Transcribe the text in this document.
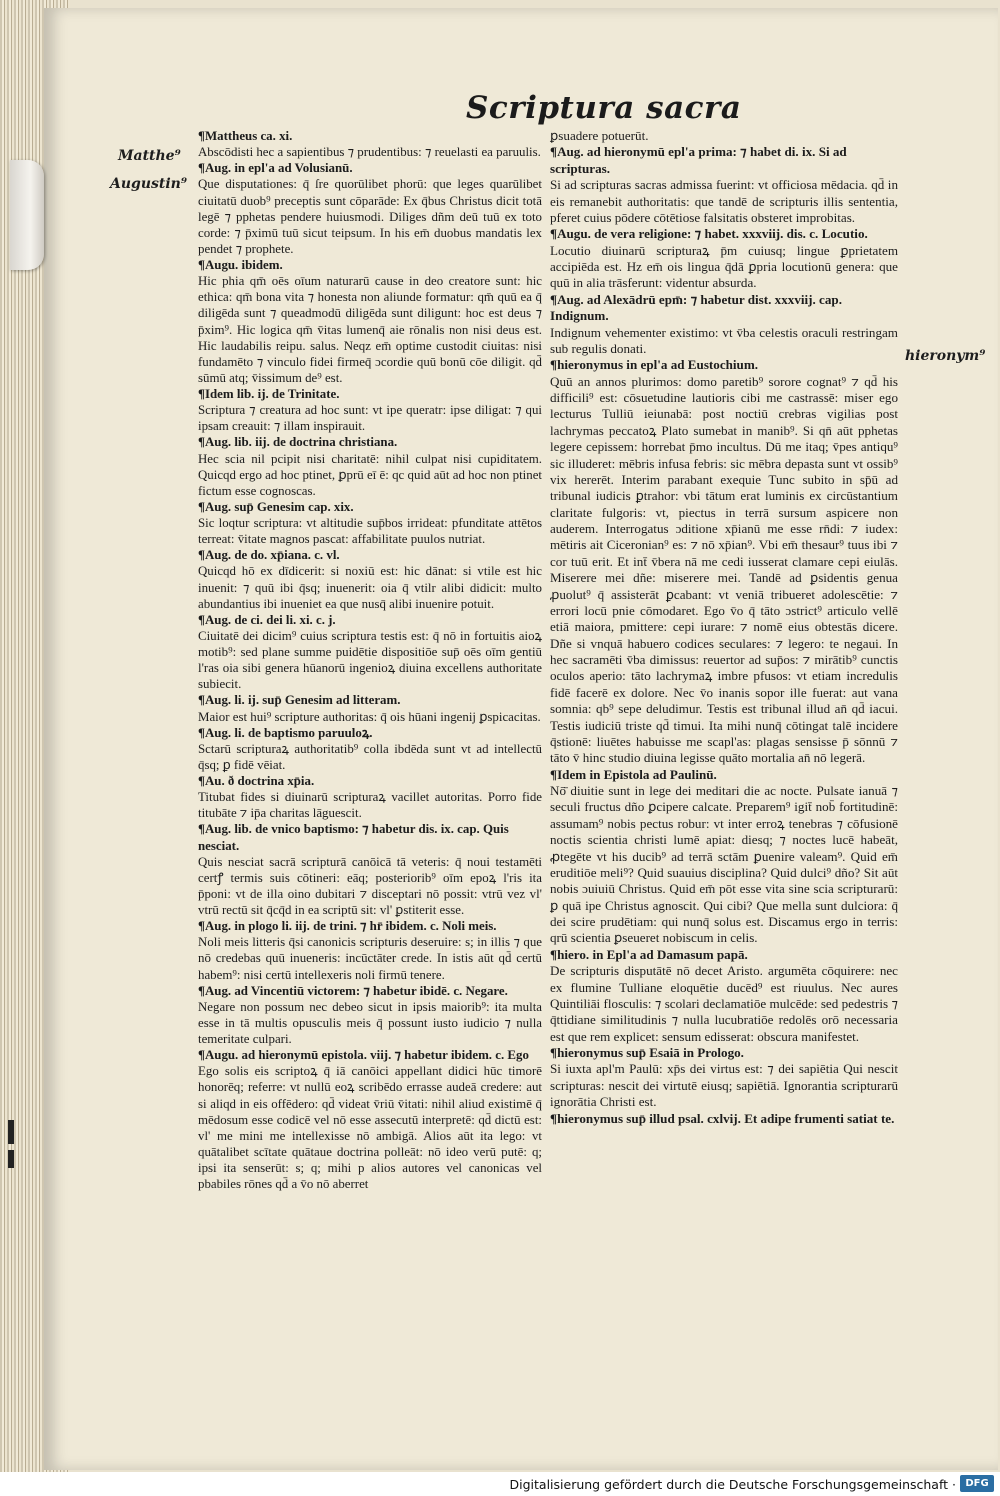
Scriptura sacra
Matthe⁹
Augustin⁹
hieronym⁹

¶Mattheus ca. xi.

Abscōdisti hec a sapientibus ⁊ prudentibus: ⁊ reuelasti ea paruulis.

¶Aug. in epl'a ad Volusianū.

Que disputationes: q̄ ſre quorūlibet phorū: que leges quarūlibet ciuitatū duob⁹ preceptis sunt cōparāde: Ex q̄bus Christus dicit totā legē ⁊ pphetas pendere huiusmodi. Diliges dñm deū tuū ex toto corde: ⁊ p̄ximū tuū sicut teipsum. In his em̄ duobus mandatis lex pendet ⁊ prophete.

¶Augu. ibidem.

Hic phia qm̄ oēs oīum naturarū cause in deo creatore sunt: hic ethica: qm̄ bona vita ⁊ honesta non aliunde formatur: qm̄ quū ea q̄ diligēda sunt ⁊ queadmodū diligēda sunt diligunt: hoc est deus ⁊ p̄xim⁹. Hic logica qm̄ v̄itas lumenq̄ aie rōnalis non nisi deus est. Hic laudabilis reipu. salus. Neqz em̄ optime custodit ciuitas: nisi fundamēto ⁊ vinculo fidei firmeq̄ ɔcordie quū bonū cōe diligit. qd̄ sūmū atq; v̄issimum de⁹ est.

¶Idem lib. ij. de Trinitate.

Scriptura ⁊ creatura ad hoc sunt: vt ipe queratr: ipse diligat: ⁊ qui ipsam creauit: ⁊ illam inspirauit.

¶Aug. lib. iij. de doctrina christiana.

Hec scia nil pcipit nisi charitatē: nihil culpat nisi cupiditatem. Quicqd ergo ad hoc ptinet, ꝑprū eī ē: qc quid aūt ad hoc non ptinet fictum esse cognoscas.

¶Aug. sup̄ Genesim cap. xix.

Sic loqtur scriptura: vt altitudie sup̄bos irrideat: pfunditate attētos terreat: v̄itate magnos pascat: affabilitate puulos nutriat.

¶Aug. de do. xp̄iana. c. vl.

Quicqd hō ex dīdicerit: si noxiū est: hic dānat: si vtile est hic inuenit: ⁊ quū ibi q̄sq; inuenerit: oia q̄ vtilr alibi didicit: multo abundantius ibi inueniet ea que nusq̄ alibi inuenire potuit.

¶Aug. de ci. dei li. xi. c. j.

Ciuitatē dei dicim⁹ cuius scriptura testis est: q̄ nō in fortuitis aioꝝ motib⁹: sed plane summe puidētie dispositiōe sup̄ oēs oīm gentiū l'ras oia sibi genera hūanorū ingenioꝝ diuina excellens authoritate subiecit.

¶Aug. li. ij. sup̄ Genesim ad litteram.

Maior est hui⁹ scripture authoritas: q̄ ois hūani ingenij ꝑspicacitas.

¶Aug. li. de baptismo paruuloꝝ.

Sctarū scripturaꝝ authoritatib⁹ colla ibdēda sunt vt ad intellectū q̄sq; ꝑ fidē vēiat.

¶Au. ð doctrina xp̄ia.

Titubat fides si diuinarū scripturaꝝ vacillet autoritas. Porro fide titubāte ⁊ ip̄a charitas lāguescit.

¶Aug. lib. de vnico baptismo: ⁊ habetur dis. ix. cap. Quis nesciat.

Quis nesciat sacrā scripturā canōicā tā veteris: q̄ noui testamēti certꝭ termis suis cōtineri: eāq; posteriorib⁹ oīm epoꝝ l'ris ita p̄poni: vt de illa oino dubitari ⁊ disceptari nō possit: vtrū vez vl' vtrū rectū sit q̄cq̄d in ea scriptū sit: vl' ꝑstiterit esse.

¶Aug. in plogo li. iij. de trini. ⁊ hr̄ ibidem. c. Noli meis.

Noli meis litteris q̄si canonicis scripturis deseruire: s; in illis ⁊ que nō credebas quū inueneris: incūctāter crede. In istis aūt qd̄ certū habem⁹: nisi certū intellexeris noli firmū tenere.

¶Aug. ad Vincentiū victorem: ⁊ habetur ibidē. c. Negare.

Negare non possum nec debeo sicut in ipsis maiorib⁹: ita multa esse in tā multis opusculis meis q̄ possunt iusto iudicio ⁊ nulla temeritate culpari.

¶Augu. ad hieronymū epistola. viij. ⁊ habetur ibidem. c. Ego

Ego solis eis scriptoꝝ q̄ iā canōici appellant didici hūc timorē honorēq; referre: vt nullū eoꝝ scribēdo errasse audeā credere: aut si aliqd in eis offēdero: qd̄ videat v̄riū v̄itati: nihil aliud existimē q̄ mēdosum esse codicē vel nō esse assecutū interpretē: qd̄ dictū est: vl' me mini me intellexisse nō ambigā. Alios aūt ita lego: vt quātalibet scītate quātaue doctrina polleāt: nō ideo verū putē: q; ipsi ita senserūt: s; q; mihi p alios autores vel canonicas vel pbabiles rōnes qd̄ a v̄o nō aberret

ꝑsuadere potuerūt.

¶Aug. ad hieronymū epl'a prima: ⁊ habet di. ix. Si ad scripturas.

Si ad scripturas sacras admissa fuerint: vt officiosa mēdacia. qd̄ in eis remanebit authoritatis: que tandē de scripturis illis sententia, pferet cuius pōdere cōtētiose falsitatis obsteret improbitas.

¶Augu. de vera religione: ⁊ habet. xxxviij. dis. c. Locutio.

Locutio diuinarū scripturaꝝ p̄m cuiusq; lingue ꝑprietatem accipiēda est. Hz em̄ ois lingua q̄dā ꝑpria locutionū genera: que quū in alia trāsferunt: videntur absurda.

¶Aug. ad Alexādrū epm̄: ⁊ habetur dist. xxxviij. cap. Indignum.

Indignum vehementer existimo: vt v̄ba celestis oraculi restringam sub regulis donati.

¶hieronymus in epl'a ad Eustochium.

Quū an annos plurimos: domo paretib⁹ sorore cognat⁹ ⁊ qd̄ his difficili⁹ est: cōsuetudine lautioris cibi me castrassē: miser ego lecturus Tulliū ieiunabā: post noctiū crebras vigilias post lachrymas peccatoꝝ Plato sumebat in manib⁹. Si qn̄ aūt pphetas legere cepissem: horrebat p̄mo incultus. Dū me itaq; v̄pes antiqu⁹ sic illuderet: mēbris infusa febris: sic mēbra depasta sunt vt ossib⁹ vix hererēt. Interim parabant exequie Tunc subito in sp̄ū ad tribunal iudicis ꝑtrahor: vbi tātum erat luminis ex circūstantium claritate fulgoris: vt, piectus in terrā sursum aspicere non auderem. Interrogatus ɔditione xp̄ianū me esse rn̄di: ⁊ iudex: mētiris ait Ciceronian⁹ es: ⁊ nō xp̄ian⁹. Vbi em̄ thesaur⁹ tuus ibi ⁊ cor tuū erit. Et int̄ v̄bera nā me cedi iusserat clamare cepi eiulās. Miserere mei dñe: miserere mei. Tandē ad ꝑsidentis genua ꝓuolut⁹ q̄ assisterāt ꝑcabant: vt veniā tribueret adolescētie: ⁊ errori locū pnie cōmodaret. Ego v̄o q̄ tāto ɔstrict⁹ articulo vellē etiā maiora, pmittere: cepi iurare: ⁊ nomē eius obtestās dicere. Dñe si vnquā habuero codices seculares: ⁊ legero: te negaui. In hec sacramēti v̄ba dimissus: reuertor ad sup̄os: ⁊ mirātib⁹ cunctis oculos aperio: tāto lachrymaꝝ imbre pfusos: vt etiam incredulis fidē facerē ex dolore. Nec v̄o inanis sopor ille fuerat: aut vana somnia: qb⁹ sepe deludimur. Testis est tribunal illud an̄ qd̄ iacui. Testis iudiciū triste qd̄ timui. Ita mihi nunq̄ cōtingat talē incidere q̄stionē: liuētes habuisse me scapl'as: plagas sensisse p̄ sōnnū ⁊ tāto v̄ hinc studio diuina legisse quāto mortalia an̄ nō legerā.

¶Idem in Epistola ad Paulinū.

Nō̄ diuitie sunt in lege dei meditari die ac nocte. Pulsate ianuā ⁊ seculi fructus dño ꝑcipere calcate. Preparem⁹ igit̄ nob̄ fortitudinē: assumam⁹ nobis pectus robur: vt inter erroꝝ tenebras ⁊ cōfusionē noctis scientia christi lumē apiat: diesq; ⁊ noctes lucē habeāt, ꝓtegēte vt his ducib⁹ ad terrā sctām ꝑuenire valeam⁹. Quid em̄ eruditiōe meli⁹? Quid suauius disciplina? Quid dulci⁹ dño? Sit aūt nobis ɔuiuiū Christus. Quid em̄ pōt esse vita sine scia scripturarū: ꝑ quā ipe Christus agnoscit. Qui cibi? Que mella sunt dulciora: q̄ dei scire prudētiam: qui nunq̄ solus est. Discamus ergo in terris: qrū scientia ꝑseueret nobiscum in celis.

¶hiero. in Epl'a ad Damasum papā.

De scripturis disputātē nō decet Aristo. argumēta cōquirere: nec ex flumine Tulliane eloquētie ducēd⁹ est riuulus. Nec aures Quintiliāi flosculis: ⁊ scolari declamatiōe mulcēde: sed pedestris ⁊ q̄ttidiane similitudinis ⁊ nulla lucubratiōe redolēs orō necessaria est que rem explicet: sensum edisserat: obscura manifestet.

¶hieronymus sup̄ Esaiā in Prologo.

Si iuxta apl'm Paulū: xp̄s dei virtus est: ⁊ dei sapiētia Qui nescit scripturas: nescit dei virtutē eiusq; sapiētiā. Ignorantia scripturarū ignorātia Christi est.

¶hieronymus sup̄ illud psal. cxlvij. Et adipe frumenti satiat te.

Digitalisierung gefördert durch die Deutsche Forschungsgemeinschaft · DFG
